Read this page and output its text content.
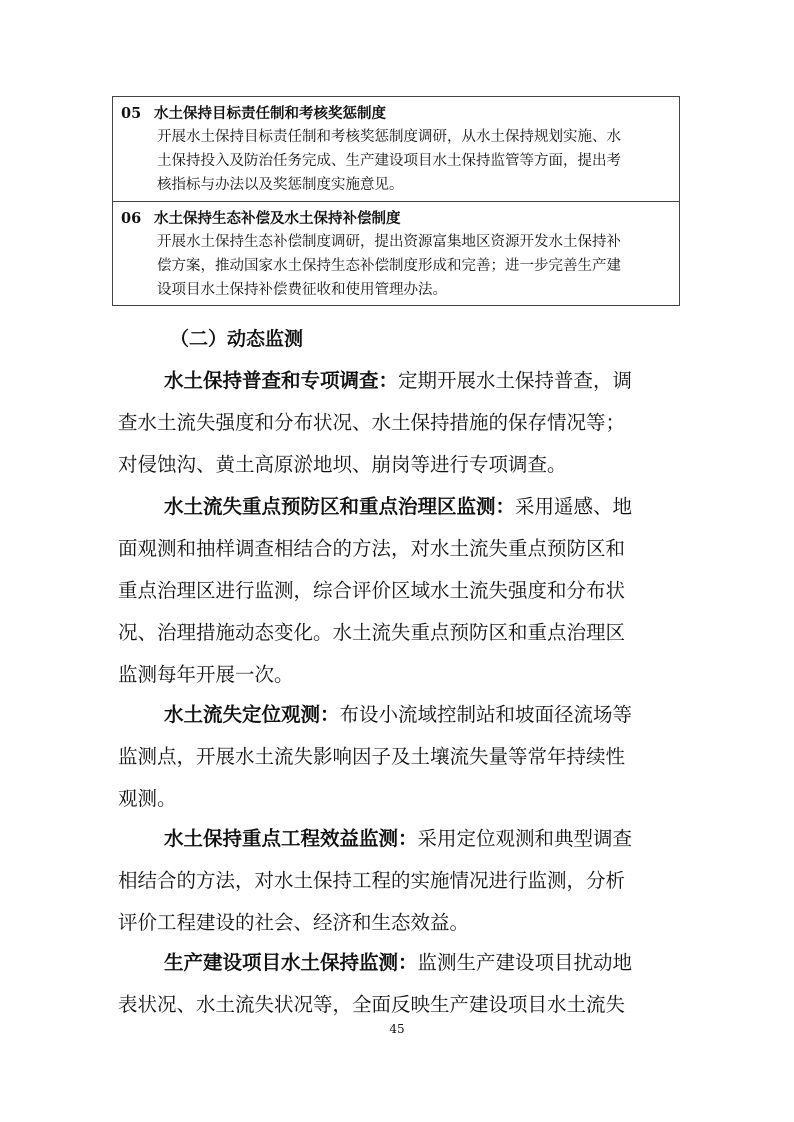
05 水土保持目标责任制和考核奖惩制度
开展水土保持目标责任制和考核奖惩制度调研，从水土保持规划实施、水
土保持投入及防治任务完成、生产建设项目水土保持监管等方面，提出考
核指标与办法以及奖惩制度实施意见。
06 水土保持生态补偿及水土保持补偿制度
开展水土保持生态补偿制度调研，提出资源富集地区资源开发水土保持补
偿方案，推动国家水土保持生态补偿制度形成和完善；进一步完善生产建
设项目水土保持补偿费征收和使用管理办法。
（二）动态监测
水土保持普查和专项调查：定期开展水土保持普查，调
查水土流失强度和分布状况、水土保持措施的保存情况等；
对侵蚀沟、黄土高原淤地坝、崩岗等进行专项调查。
水土流失重点预防区和重点治理区监测：采用遥感、地
面观测和抽样调查相结合的方法，对水土流失重点预防区和
重点治理区进行监测，综合评价区域水土流失强度和分布状
况、治理措施动态变化。水土流失重点预防区和重点治理区
监测每年开展一次。
水土流失定位观测：布设小流域控制站和坡面径流场等
监测点，开展水土流失影响因子及土壤流失量等常年持续性
观测。
水土保持重点工程效益监测：采用定位观测和典型调查
相结合的方法，对水土保持工程的实施情况进行监测，分析
评价工程建设的社会、经济和生态效益。
生产建设项目水土保持监测：监测生产建设项目扰动地
表状况、水土流失状况等，全面反映生产建设项目水土流失
45
